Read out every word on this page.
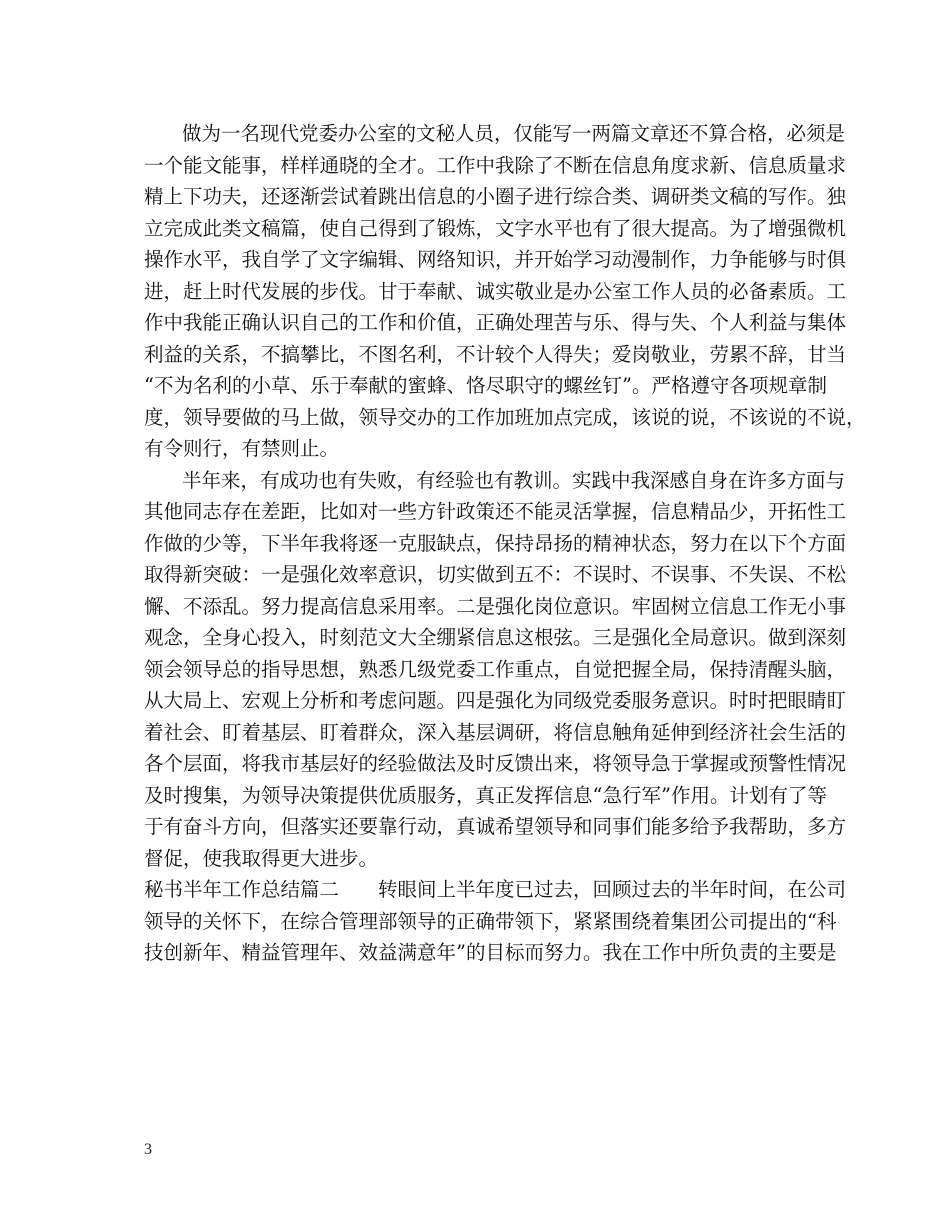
做为一名现代党委办公室的文秘人员，仅能写一两篇文章还不算合格，必须是
一个能文能事，样样通晓的全才。工作中我除了不断在信息角度求新、信息质量求
精上下功夫，还逐渐尝试着跳出信息的小圈子进行综合类、调研类文稿的写作。独
立完成此类文稿篇，使自己得到了锻炼，文字水平也有了很大提高。为了增强微机
操作水平，我自学了文字编辑、网络知识，并开始学习动漫制作，力争能够与时俱
进，赶上时代发展的步伐。甘于奉献、诚实敬业是办公室工作人员的必备素质。工
作中我能正确认识自己的工作和价值，正确处理苦与乐、得与失、个人利益与集体
利益的关系，不搞攀比，不图名利，不计较个人得失；爱岗敬业，劳累不辞，甘当
“不为名利的小草、乐于奉献的蜜蜂、恪尽职守的螺丝钉”。严格遵守各项规章制
度，领导要做的马上做，领导交办的工作加班加点完成，该说的说，不该说的不说，
有令则行，有禁则止。
半年来，有成功也有失败，有经验也有教训。实践中我深感自身在许多方面与
其他同志存在差距，比如对一些方针政策还不能灵活掌握，信息精品少，开拓性工
作做的少等，下半年我将逐一克服缺点，保持昂扬的精神状态，努力在以下个方面
取得新突破：一是强化效率意识，切实做到五不：不误时、不误事、不失误、不松
懈、不添乱。努力提高信息采用率。二是强化岗位意识。牢固树立信息工作无小事
观念，全身心投入，时刻范文大全绷紧信息这根弦。三是强化全局意识。做到深刻
领会领导总的指导思想，熟悉几级党委工作重点，自觉把握全局，保持清醒头脑，
从大局上、宏观上分析和考虑问题。四是强化为同级党委服务意识。时时把眼睛盯
着社会、盯着基层、盯着群众，深入基层调研，将信息触角延伸到经济社会生活的
各个层面，将我市基层好的经验做法及时反馈出来，将领导急于掌握或预警性情况
及时搜集，为领导决策提供优质服务，真正发挥信息“急行军”作用。计划有了等
于有奋斗方向，但落实还要靠行动，真诚希望领导和同事们能多给予我帮助，多方
督促，使我取得更大进步。
秘书半年工作总结篇二　　转眼间上半年度已过去，回顾过去的半年时间，在公司
领导的关怀下，在综合管理部领导的正确带领下，紧紧围绕着集团公司提出的“科
技创新年、精益管理年、效益满意年”的目标而努力。我在工作中所负责的主要是
3
